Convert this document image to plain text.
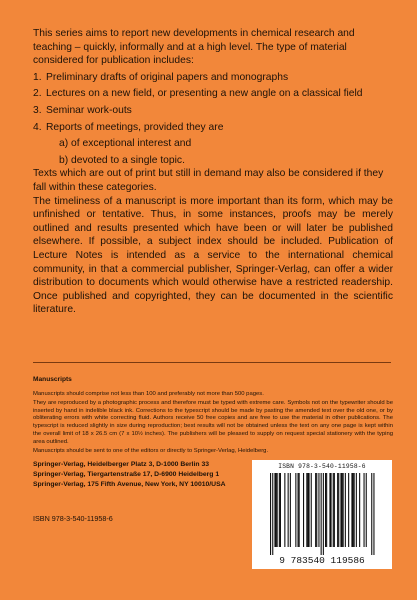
This series aims to report new developments in chemical research and teaching – quickly, informally and at a high level. The type of material considered for publication includes:

1. Preliminary drafts of original papers and monographs
2. Lectures on a new field, or presenting a new angle on a classical field
3. Seminar work-outs
4. Reports of meetings, provided they are
a) of exceptional interest and
b) devoted to a single topic.

Texts which are out of print but still in demand may also be considered if they fall within these categories.

The timeliness of a manuscript is more important than its form, which may be unfinished or tentative. Thus, in some instances, proofs may be merely outlined and results presented which have been or will later be published elsewhere. If possible, a subject index should be included. Publication of Lecture Notes is intended as a service to the international chemical community, in that a commercial publisher, Springer-Verlag, can offer a wider distribution to documents which would otherwise have a restricted readership. Once published and copyrighted, they can be documented in the scientific literature.

Manuscripts

Manuscripts should comprise not less than 100 and preferably not more than 500 pages.

They are reproduced by a photographic process and therefore must be typed with extreme care. Symbols not on the typewriter should be inserted by hand in indelible black ink. Corrections to the typescript should be made by pasting the amended text over the old one, or by obliterating errors with white correcting fluid. Authors receive 50 free copies and are free to use the material in other publications. The typescript is reduced slightly in size during reproduction; best results will not be obtained unless the text on any one page is kept within the overall limit of 18 x 26.5 cm (7 x 10½ inches). The publishers will be pleased to supply on request special stationery with the typing area outlined.

Manuscripts should be sent to one of the editors or directly to Springer-Verlag, Heidelberg.

Springer-Verlag, Heidelberger Platz 3, D-1000 Berlin 33
Springer-Verlag, Tiergartenstraße 17, D-6900 Heidelberg 1
Springer-Verlag, 175 Fifth Avenue, New York, NY 10010/USA
ISBN 978-3-540-11958-6
ISBN 978-3-540-11958-6
9 783540 119586
